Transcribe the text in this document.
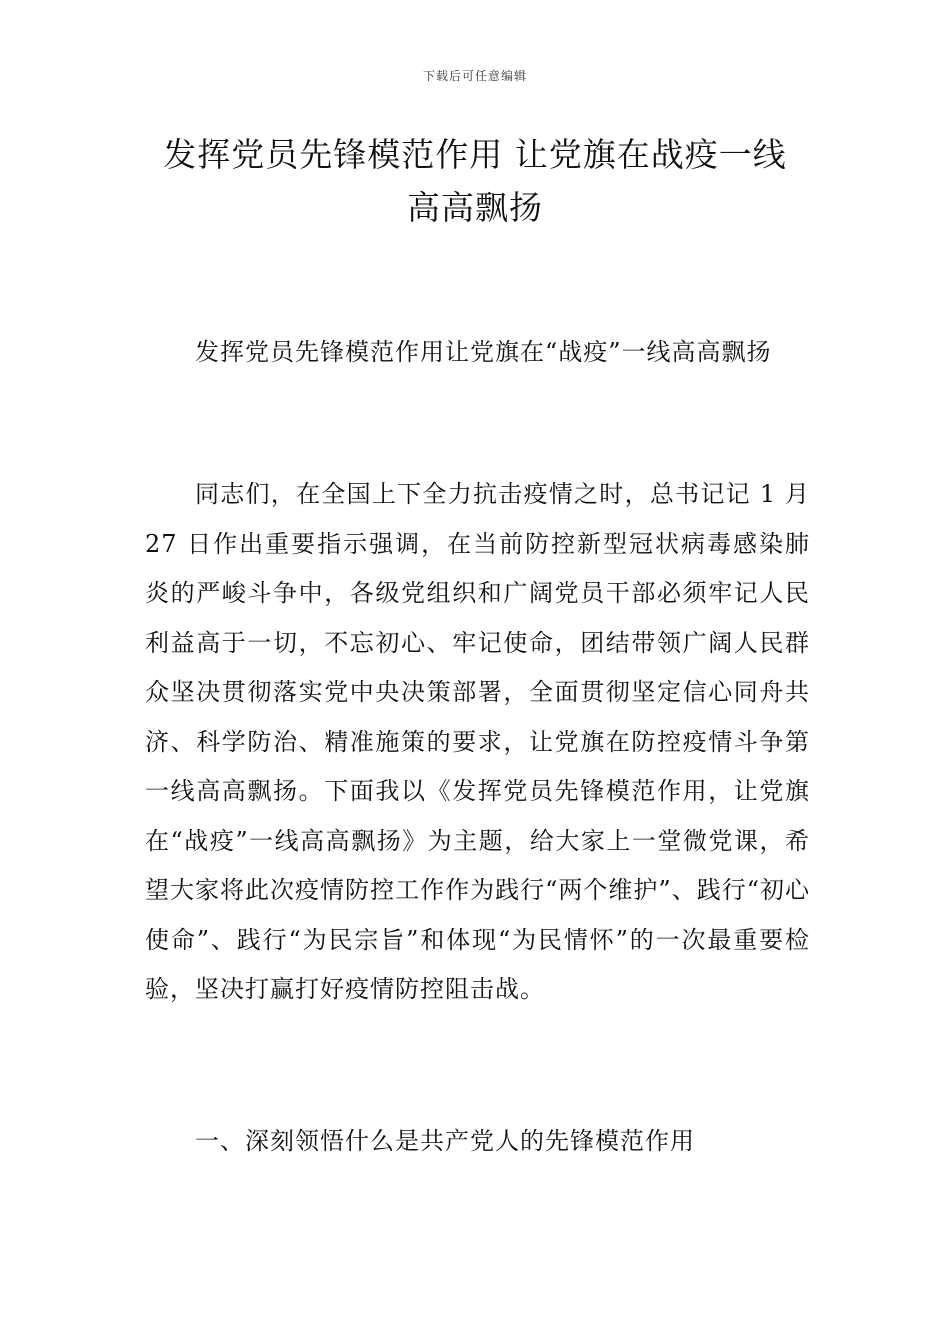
下载后可任意编辑
发挥党员先锋模范作用 让党旗在战疫一线
高高飘扬

发挥党员先锋模范作用让党旗在“战疫”一线高高飘扬

同志们，在全国上下全力抗击疫情之时，总书记记 1 月 27 日作出重要指示强调，在当前防控新型冠状病毒感染肺炎的严峻斗争中，各级党组织和广阔党员干部必须牢记人民利益高于一切，不忘初心、牢记使命，团结带领广阔人民群众坚决贯彻落实党中央决策部署，全面贯彻坚定信心同舟共济、科学防治、精准施策的要求，让党旗在防控疫情斗争第一线高高飘扬。下面我以《发挥党员先锋模范作用，让党旗在“战疫”一线高高飘扬》为主题，给大家上一堂微党课，希望大家将此次疫情防控工作作为践行“两个维护”、践行“初心使命”、践行“为民宗旨”和体现“为民情怀”的一次最重要检验，坚决打赢打好疫情防控阻击战。

一、深刻领悟什么是共产党人的先锋模范作用
